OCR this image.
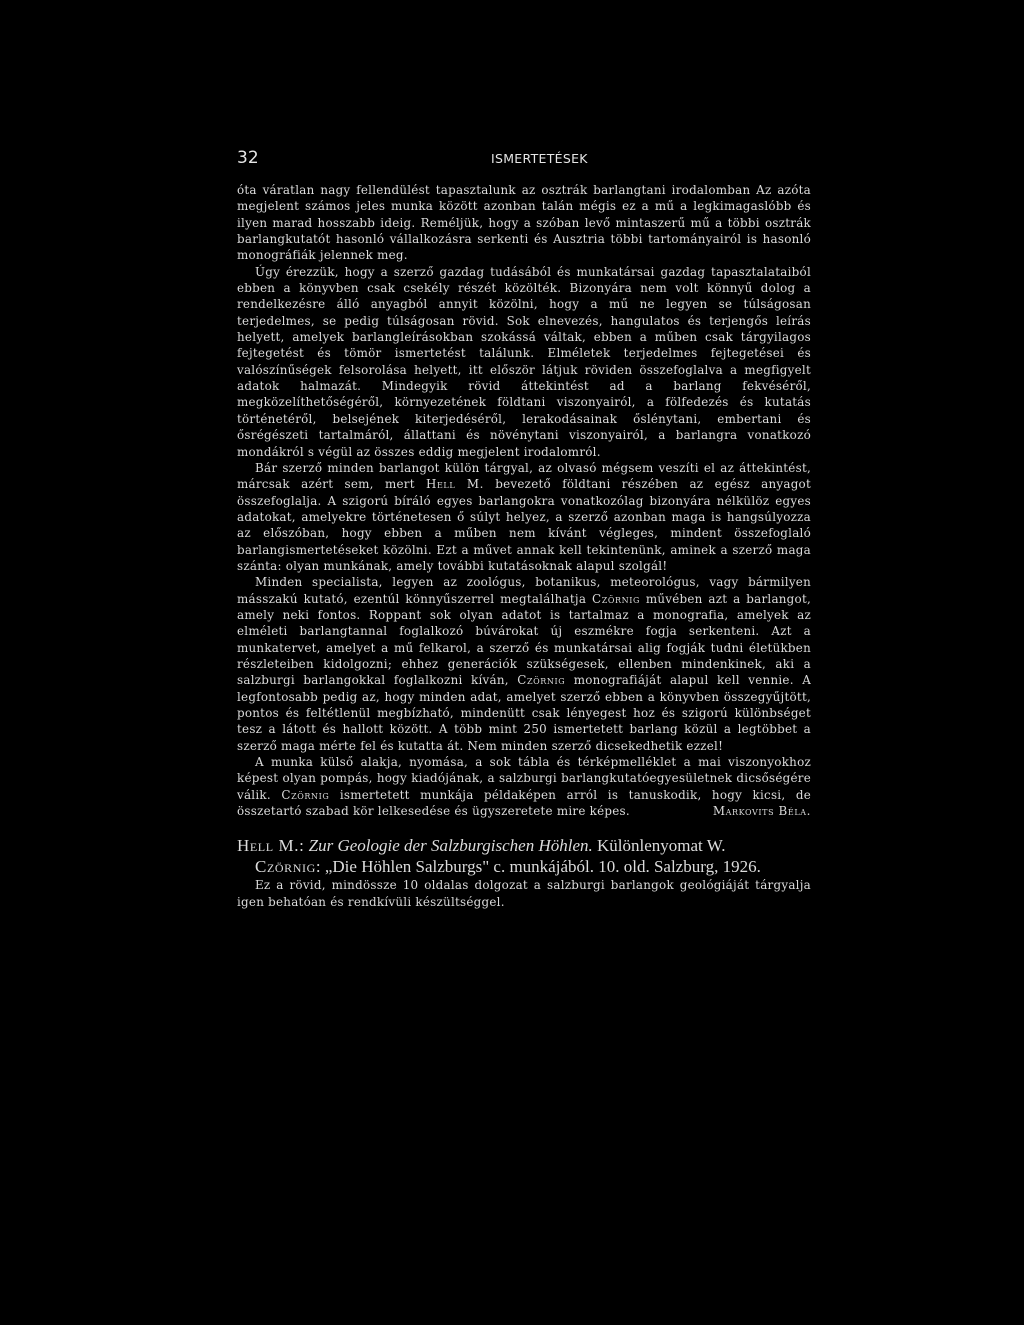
32	ISMERTETÉSEK

óta váratlan nagy fellendülést tapasztalunk az osztrák barlangtani irodalomban Az azóta megjelent számos jeles munka között azonban talán mégis ez a mű a legkimagaslóbb és ilyen marad hosszabb ideig. Reméljük, hogy a szóban levő mintaszerű mű a többi osztrák barlangkutatót hasonló vállalkozásra serkenti és Ausztria többi tartományairól is hasonló monográfiák jelennek meg.

Úgy érezzük, hogy a szerző gazdag tudásából és munkatársai gazdag tapasztalataiból ebben a könyvben csak csekély részét közölték. Bizonyára nem volt könnyű dolog a rendelkezésre álló anyagból annyit közölni, hogy a mű ne legyen se túlságosan terjedelmes, se pedig túlságosan rövid. Sok elnevezés, hangulatos és terjengős leírás helyett, amelyek barlangleírásokban szokássá váltak, ebben a műben csak tárgyilagos fejtegetést és tömör ismertetést találunk. Elméletek terjedelmes fejtegetései és valószínűségek felsorolása helyett, itt először látjuk röviden összefoglalva a megfigyelt adatok halmazát. Mindegyik rövid áttekintést ad a barlang fekvéséről, megközelíthetőségéről, környezetének földtani viszonyairól, a fölfedezés és kutatás történetéről, belsejének kiterjedéséről, lerakodásainak őslénytani, embertani és ősrégészeti tartalmáról, állattani és növénytani viszonyairól, a barlangra vonatkozó mondákról s végül az összes eddig megjelent irodalomról.

Bár szerző minden barlangot külön tárgyal, az olvasó mégsem veszíti el az áttekintést, márcsak azért sem, mert Hell M. bevezető földtani részében az egész anyagot összefoglalja. A szigorú bíráló egyes barlangokra vonatkozólag bizonyára nélkülöz egyes adatokat, amelyekre történetesen ő súlyt helyez, a szerző azonban maga is hangsúlyozza az előszóban, hogy ebben a műben nem kívánt végleges, mindent összefoglaló barlangismertetéseket közölni. Ezt a művet annak kell tekintenünk, aminek a szerző maga szánta: olyan munkának, amely további kutatásoknak alapul szolgál!

Minden specialista, legyen az zoológus, botanikus, meteorológus, vagy bármilyen másszakú kutató, ezentúl könnyűszerrel megtalálhatja Czörnig művében azt a barlangot, amely neki fontos. Roppant sok olyan adatot is tartalmaz a monografia, amelyek az elméleti barlangtannal foglalkozó búvárokat új eszmékre fogja serkenteni. Azt a munkatervet, amelyet a mű felkarol, a szerző és munkatársai alig fogják tudni életükben részleteiben kidolgozni; ehhez generációk szükségesek, ellenben mindenkinek, aki a salzburgi barlangokkal foglalkozni kíván, Czörnig monografiáját alapul kell vennie. A legfontosabb pedig az, hogy minden adat, amelyet szerző ebben a könyvben összegyűjtött, pontos és feltétlenül megbízható, mindenütt csak lényegest hoz és szigorú különbséget tesz a látott és hallott között. A több mint 250 ismertetett barlang közül a legtöbbet a szerző maga mérte fel és kutatta át. Nem minden szerző dicsekedhetik ezzel!

A munka külső alakja, nyomása, a sok tábla és térképmelléklet a mai viszonyokhoz képest olyan pompás, hogy kiadójának, a salzburgi barlangkutatóegyesületnek dicsőségére válik. Czörnig ismertetett munkája példaképen arról is tanuskodik, hogy kicsi, de összetartó szabad kör lelkesedése és ügyszeretete mire képes.	Markovits Béla.

Hell M.: Zur Geologie der Salzburgischen Höhlen. Különlenyomat W.
Czörnig: „Die Höhlen Salzburgs" c. munkájából. 10. old. Salzburg, 1926.

Ez a rövid, mindössze 10 oldalas dolgozat a salzburgi barlangok geológiáját tárgyalja igen behatóan és rendkívüli készültséggel.
